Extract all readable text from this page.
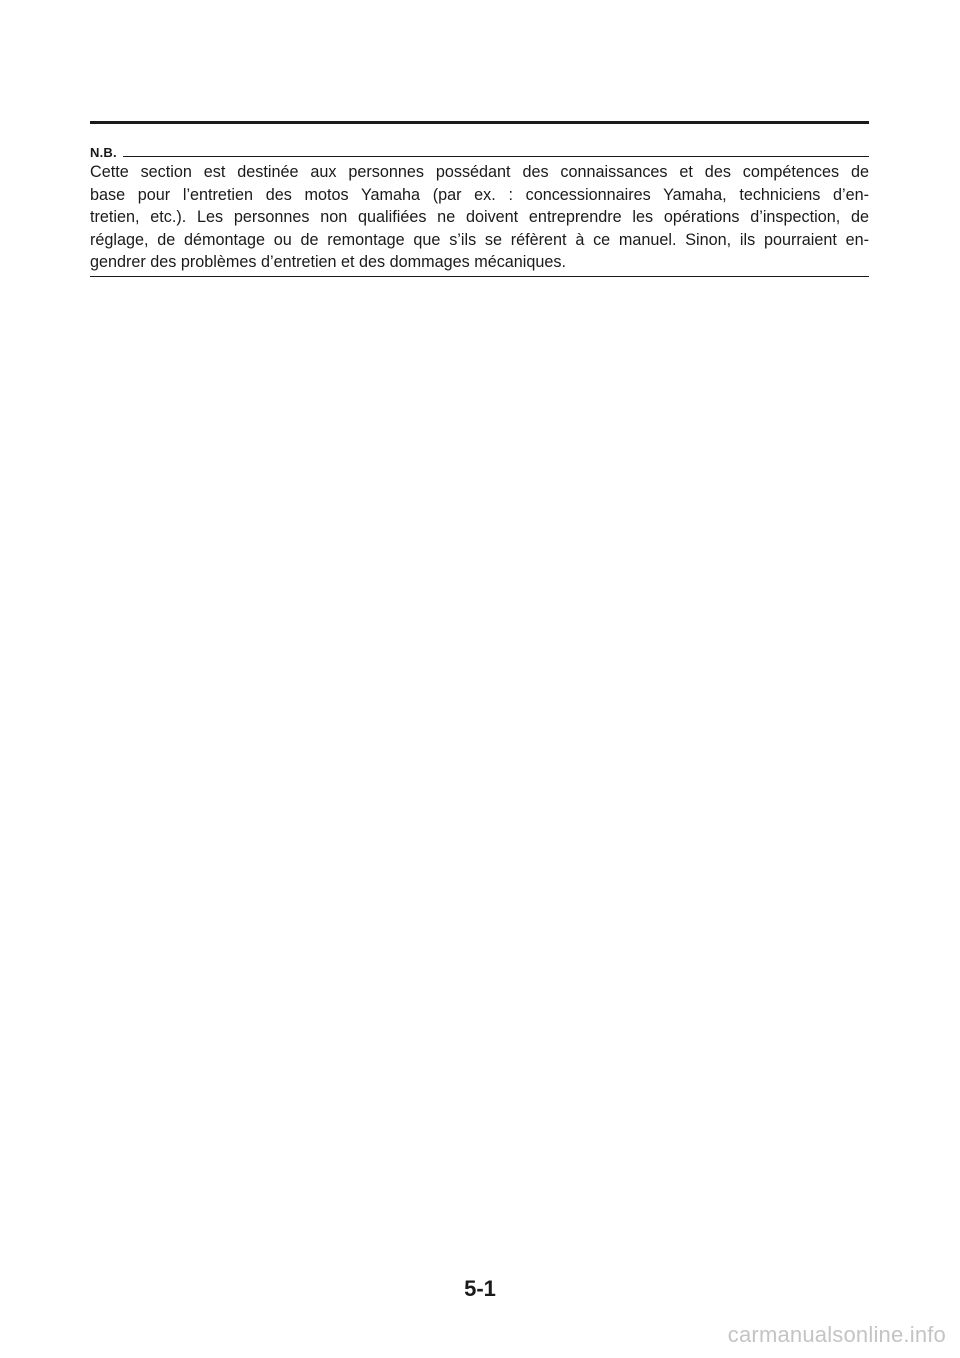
N.B.

Cette section est destinée aux personnes possédant des connaissances et des compétences de
base pour l’entretien des motos Yamaha (par ex. : concessionnaires Yamaha, techniciens d’en-
tretien, etc.). Les personnes non qualifiées ne doivent entreprendre les opérations d’inspection, de
réglage, de démontage ou de remontage que s’ils se réfèrent à ce manuel. Sinon, ils pourraient en-
gendrer des problèmes d’entretien et des dommages mécaniques.

5-1
carmanualsonline.info
